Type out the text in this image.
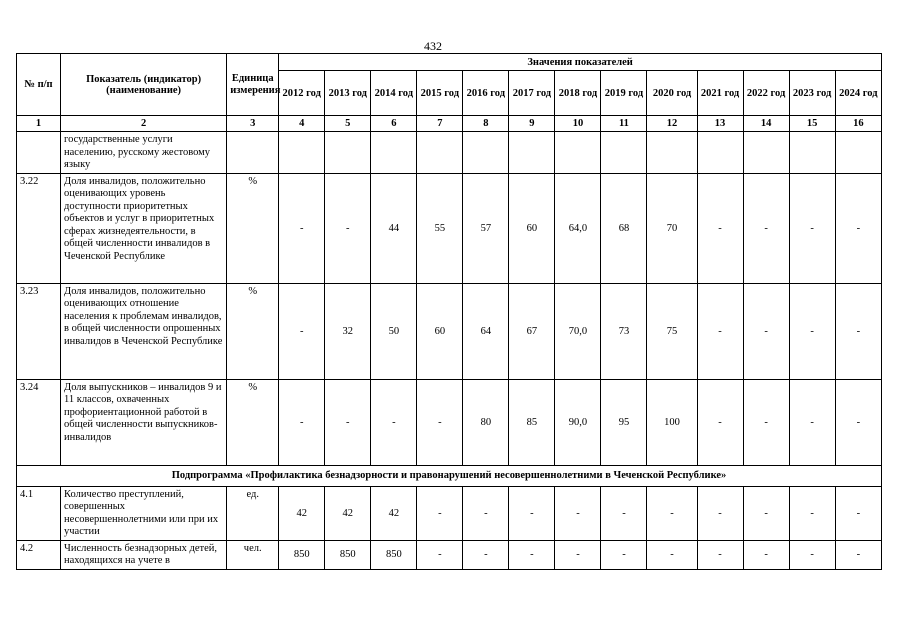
432
№ п/п	Показатель (индикатор) (наименование)	Единица измерения	Значения показателей												
			2012 год	2013 год	2014 год	2015 год	2016 год	2017 год	2018 год	2019 год	2020 год	2021 год	2022 год	2023 год	2024 год
1	2	3	4	5	6	7	8	9	10	11	12	13	14	15	16
	государственные услуги населению, русскому жестовому языку														
3.22	Доля инвалидов, положительно оценивающих уровень доступности приоритетных объектов и услуг в приоритетных сферах жизнедеятельности, в общей численности инвалидов в Чеченской Республике	%	-	-	44	55	57	60	64,0	68	70	-	-	-	-
3.23	Доля инвалидов, положительно оценивающих отношение населения к проблемам инвалидов, в общей численности опрошенных инвалидов в Чеченской Республике	%	-	32	50	60	64	67	70,0	73	75	-	-	-	-
3.24	Доля выпускников – инвалидов 9 и 11 классов, охваченных профориентационной работой в общей численности выпускников-инвалидов	%	-	-	-	-	80	85	90,0	95	100	-	-	-	-
Подпрограмма «Профилактика безнадзорности и правонарушений несовершеннолетними в Чеченской Республике»															
4.1	Количество преступлений, совершенных несовершеннолетними или при их участии	ед.	42	42	42	-	-	-	-	-	-	-	-	-	-
4.2	Численность безнадзорных детей, находящихся на учете в	чел.	850	850	850	-	-	-	-	-	-	-	-	-	-
